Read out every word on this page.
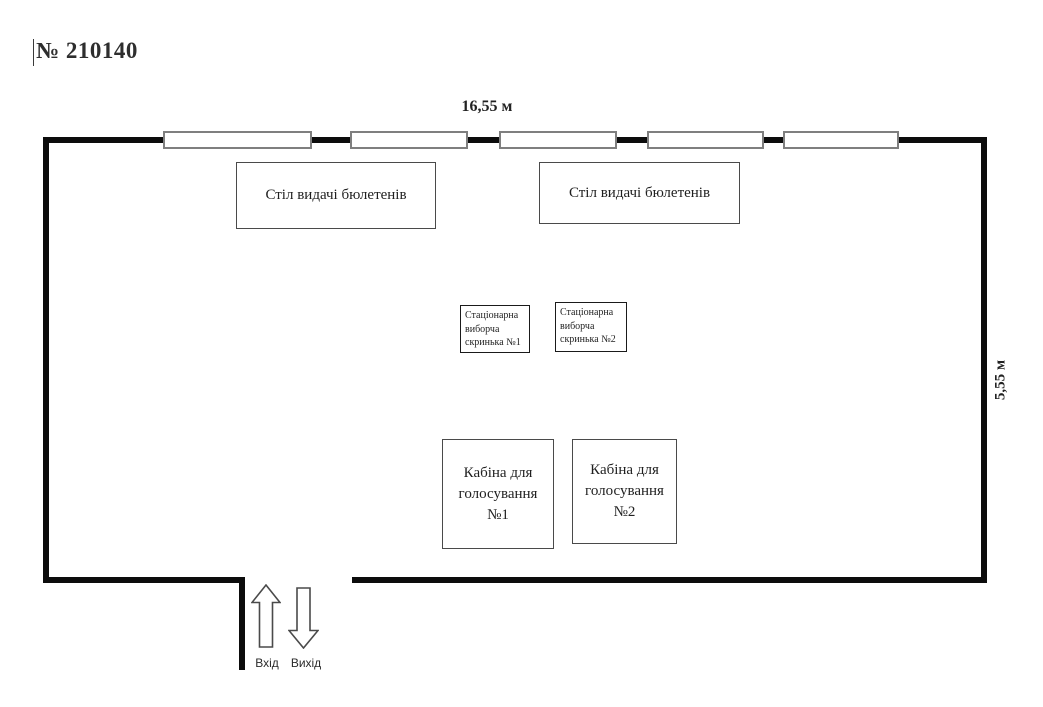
№ 210140
16,55 м
5,55 м
Стіл видачі бюлетенів	Стіл видачі бюлетенів
Стаціонарна
виборча
скринька №1
Стаціонарна
виборча
скринька №2
Кабіна для
голосування
№1
Кабіна для
голосування
№2
Вхід	Вихід
